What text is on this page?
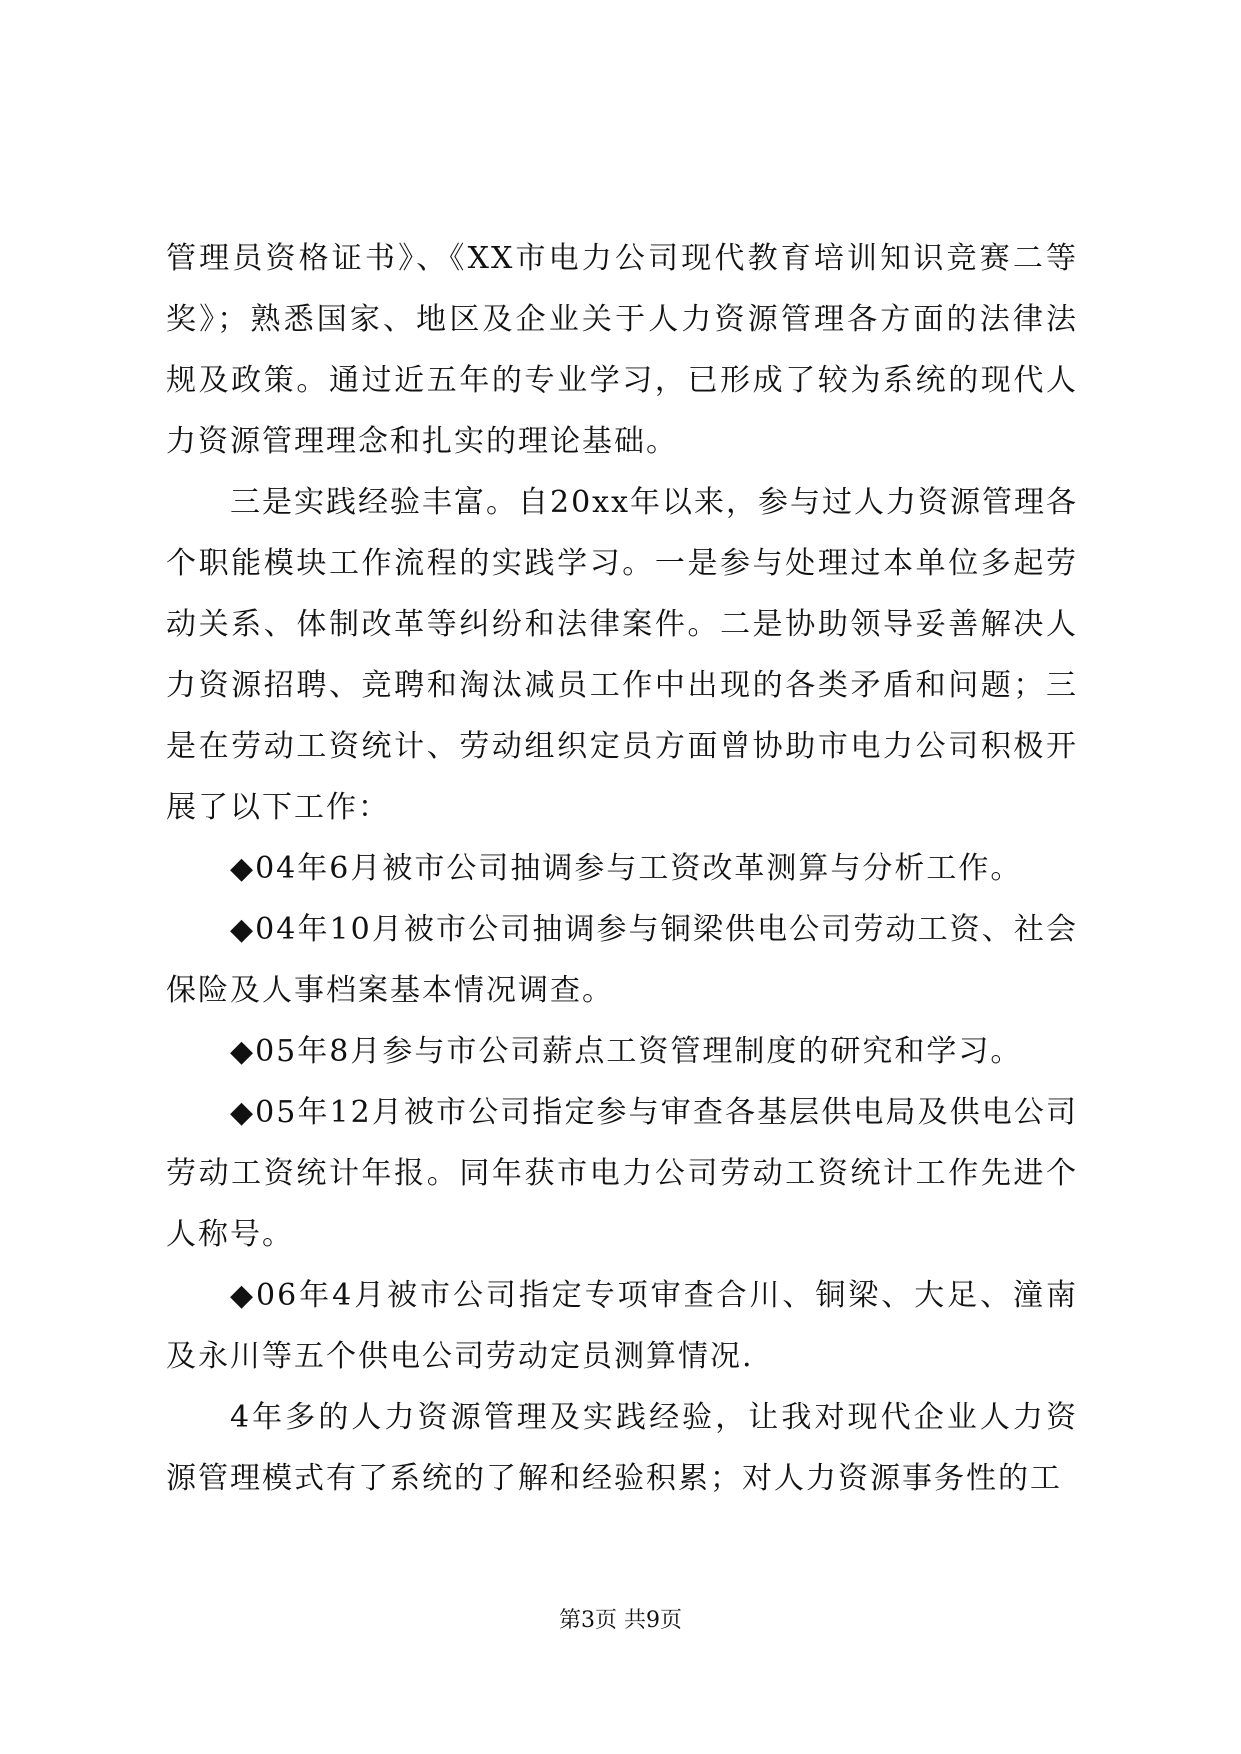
管理员资格证书》、《XX市电力公司现代教育培训知识竞赛二等奖》；熟悉国家、地区及企业关于人力资源管理各方面的法律法规及政策。通过近五年的专业学习，已形成了较为系统的现代人力资源管理理念和扎实的理论基础。

三是实践经验丰富。自20xx年以来，参与过人力资源管理各个职能模块工作流程的实践学习。一是参与处理过本单位多起劳动关系、体制改革等纠纷和法律案件。二是协助领导妥善解决人力资源招聘、竞聘和淘汰减员工作中出现的各类矛盾和问题；三是在劳动工资统计、劳动组织定员方面曾协助市电力公司积极开展了以下工作：

◆04年6月被市公司抽调参与工资改革测算与分析工作。

◆04年10月被市公司抽调参与铜梁供电公司劳动工资、社会保险及人事档案基本情况调查。

◆05年8月参与市公司薪点工资管理制度的研究和学习。

◆05年12月被市公司指定参与审查各基层供电局及供电公司劳动工资统计年报。同年获市电力公司劳动工资统计工作先进个人称号。

◆06年4月被市公司指定专项审查合川、铜梁、大足、潼南及永川等五个供电公司劳动定员测算情况.

4年多的人力资源管理及实践经验，让我对现代企业人力资源管理模式有了系统的了解和经验积累；对人力资源事务性的工

第3页 共9页
